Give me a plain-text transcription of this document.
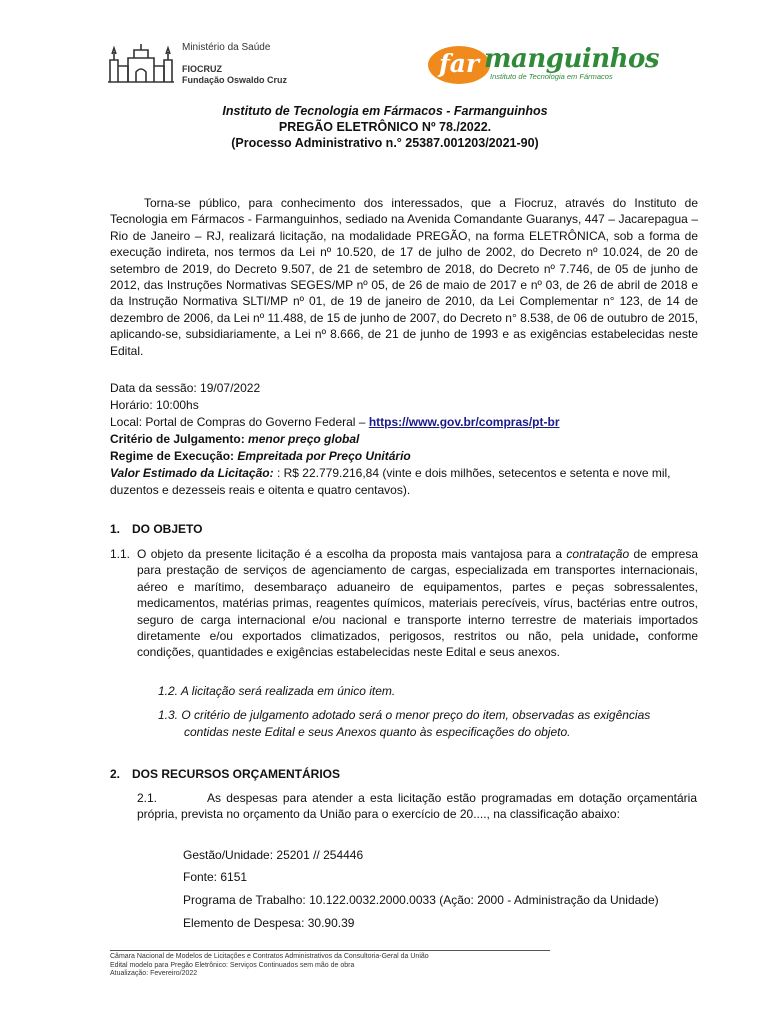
Ministério da Saúde
FIOCRUZ
Fundação Oswaldo Cruz
far manguinhos
Instituto de Tecnologia em Fármacos
Instituto de Tecnologia em Fármacos - Farmanguinhos
PREGÃO ELETRÔNICO Nº 78./2022.
(Processo Administrativo n.° 25387.001203/2021-90)
Torna-se público, para conhecimento dos interessados, que a Fiocruz, através do Instituto de Tecnologia em Fármacos - Farmanguinhos, sediado na Avenida Comandante Guaranys, 447 – Jacarepagua – Rio de Janeiro – RJ, realizará licitação, na modalidade PREGÃO, na forma ELETRÔNICA, sob a forma de execução indireta, nos termos da Lei nº 10.520, de 17 de julho de 2002, do Decreto nº 10.024, de 20 de setembro de 2019, do Decreto 9.507, de 21 de setembro de 2018, do Decreto nº 7.746, de 05 de junho de 2012, das Instruções Normativas SEGES/MP nº 05, de 26 de maio de 2017 e nº 03, de 26 de abril de 2018 e da Instrução Normativa SLTI/MP nº 01, de 19 de janeiro de 2010, da Lei Complementar n° 123, de 14 de dezembro de 2006, da Lei nº 11.488, de 15 de junho de 2007, do Decreto n° 8.538, de 06 de outubro de 2015, aplicando-se, subsidiariamente, a Lei nº 8.666, de 21 de junho de 1993 e as exigências estabelecidas neste Edital.
Data da sessão: 19/07/2022
Horário: 10:00hs
Local: Portal de Compras do Governo Federal – https://www.gov.br/compras/pt-br
Critério de Julgamento: menor preço global
Regime de Execução: Empreitada por Preço Unitário
Valor Estimado da Licitação: : R$ 22.779.216,84 (vinte e dois milhões, setecentos e setenta e nove mil, duzentos e dezesseis reais e oitenta e quatro centavos).
1. DO OBJETO
1.1. O objeto da presente licitação é a escolha da proposta mais vantajosa para a contratação de empresa para prestação de serviços de agenciamento de cargas, especializada em transportes internacionais, aéreo e marítimo, desembaraço aduaneiro de equipamentos, partes e peças sobressalentes, medicamentos, matérias primas, reagentes químicos, materiais perecíveis, vírus, bactérias entre outros, seguro de carga internacional e/ou nacional e transporte interno terrestre de materiais importados diretamente e/ou exportados climatizados, perigosos, restritos ou não, pela unidade, conforme condições, quantidades e exigências estabelecidas neste Edital e seus anexos.
1.2. A licitação será realizada em único item.
1.3. O critério de julgamento adotado será o menor preço do item, observadas as exigências contidas neste Edital e seus Anexos quanto às especificações do objeto.
2. DOS RECURSOS ORÇAMENTÁRIOS
2.1.	As despesas para atender a esta licitação estão programadas em dotação orçamentária própria, prevista no orçamento da União para o exercício de 20...., na classificação abaixo:
Gestão/Unidade: 25201 // 254446
Fonte: 6151
Programa de Trabalho: 10.122.0032.2000.0033 (Ação: 2000 - Administração da Unidade)
Elemento de Despesa: 30.90.39
Câmara Nacional de Modelos de Licitações e Contratos Administrativos da Consultoria-Geral da União
Edital modelo para Pregão Eletrônico: Serviços Continuados sem mão de obra
Atualização: Fevereiro/2022
